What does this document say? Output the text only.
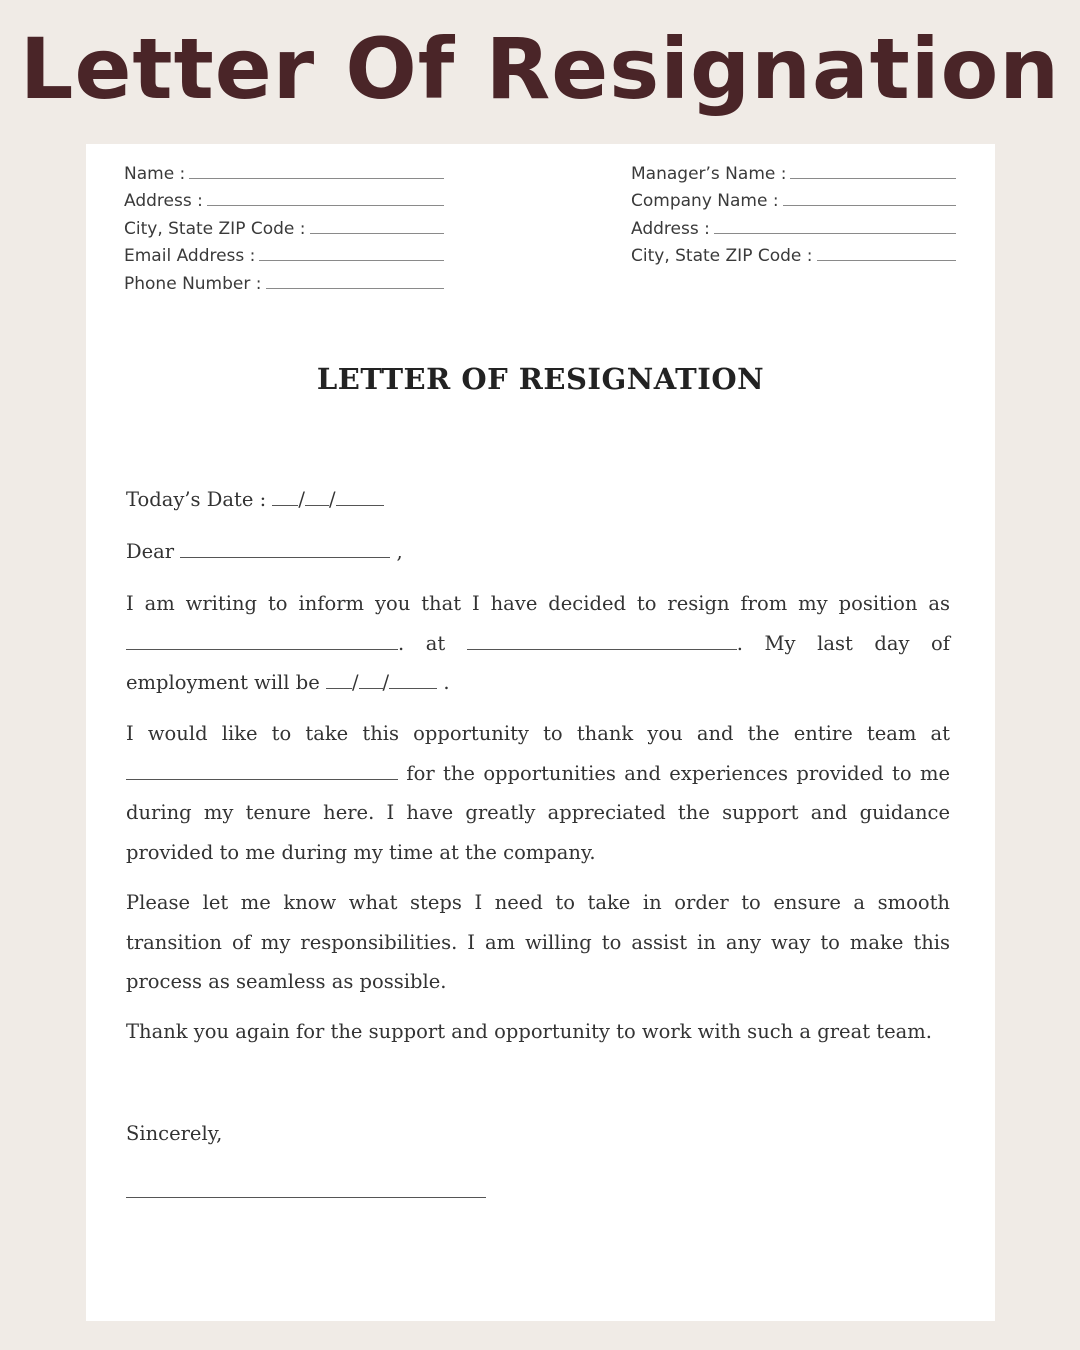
Letter Of Resignation
Name :
Address :
City, State ZIP Code :
Email Address :
Phone Number :
Manager’s Name :
Company Name :
Address :
City, State ZIP Code :
LETTER OF RESIGNATION
Today’s Date : / /
Dear	,

I am writing to inform you that I have decided to resign from my position as . at	. My last day of employment will be / /	.

I would like to take this opportunity to thank you and the entire team at  for the opportunities and experiences provided to me during my tenure here. I have greatly appreciated the support and guidance provided to me during my time at the company.

Please let me know what steps I need to take in order to ensure a smooth transition of my responsibilities. I am willing to assist in any way to make this process as seamless as possible.

Thank you again for the support and opportunity to work with such a great team.

Sincerely,
